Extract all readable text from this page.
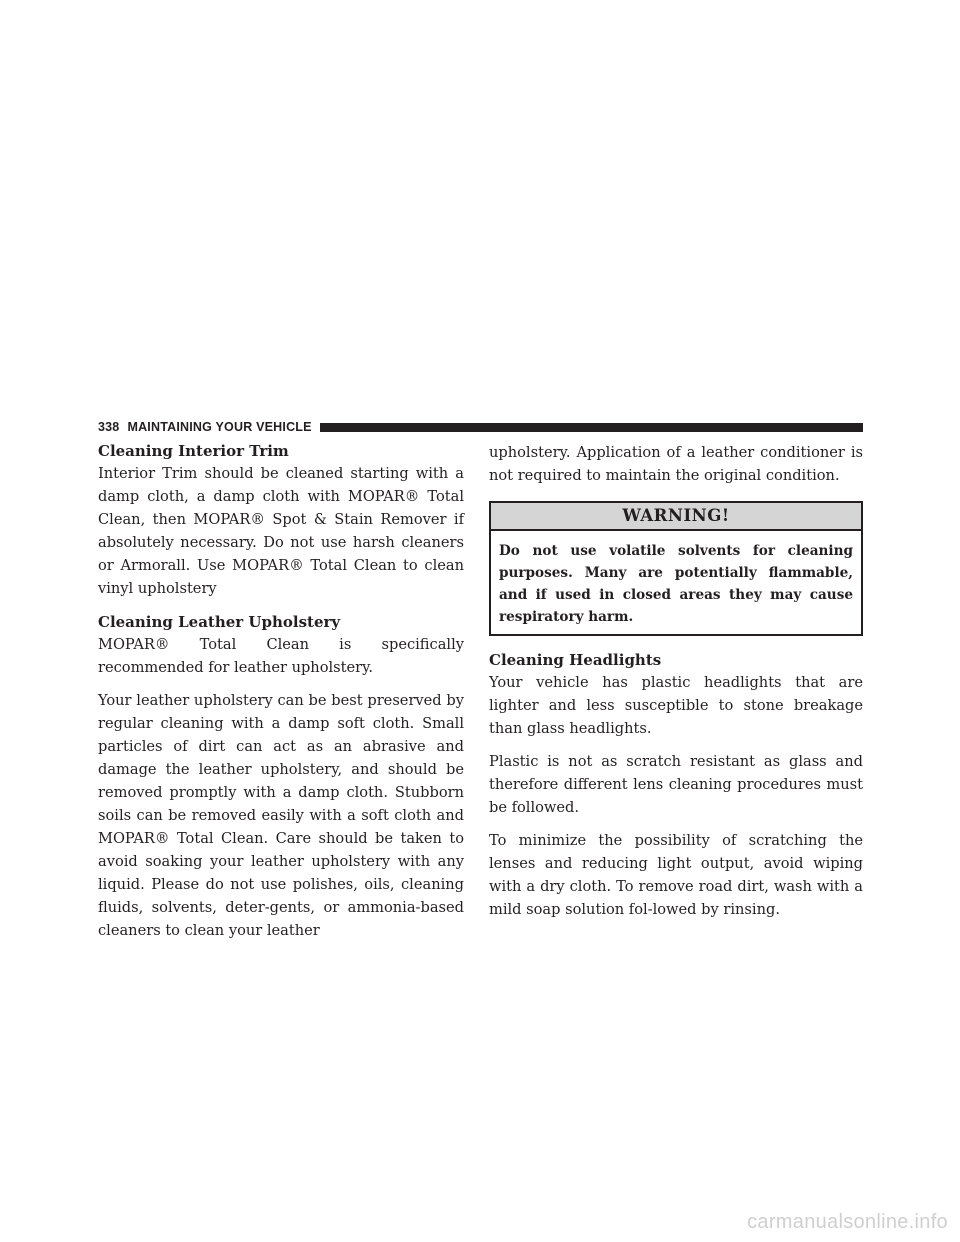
338 MAINTAINING YOUR VEHICLE
Cleaning Interior Trim

Interior Trim should be cleaned starting with a damp cloth, a damp cloth with MOPAR® Total Clean, then MOPAR® Spot & Stain Remover if absolutely necessary. Do not use harsh cleaners or Armorall. Use MOPAR® Total Clean to clean vinyl upholstery

Cleaning Leather Upholstery

MOPAR® Total Clean is specifically recommended for leather upholstery.

Your leather upholstery can be best preserved by regular cleaning with a damp soft cloth. Small particles of dirt can act as an abrasive and damage the leather upholstery, and should be removed promptly with a damp cloth. Stubborn soils can be removed easily with a soft cloth and MOPAR® Total Clean. Care should be taken to avoid soaking your leather upholstery with any liquid. Please do not use polishes, oils, cleaning fluids, solvents, deter-gents, or ammonia-based cleaners to clean your leather

upholstery. Application of a leather conditioner is not required to maintain the original condition.

WARNING!
Do not use volatile solvents for cleaning purposes. Many are potentially flammable, and if used in closed areas they may cause respiratory harm.
Cleaning Headlights

Your vehicle has plastic headlights that are lighter and less susceptible to stone breakage than glass headlights.

Plastic is not as scratch resistant as glass and therefore different lens cleaning procedures must be followed.

To minimize the possibility of scratching the lenses and reducing light output, avoid wiping with a dry cloth. To remove road dirt, wash with a mild soap solution fol-lowed by rinsing.

carmanualsonline.info
